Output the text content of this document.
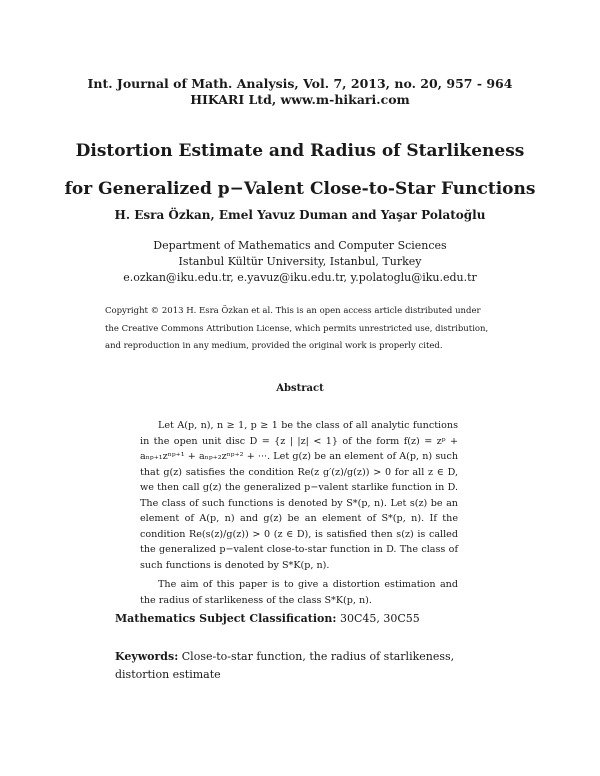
Int. Journal of Math. Analysis, Vol. 7, 2013, no. 20, 957 - 964
HIKARI Ltd, www.m-hikari.com
Distortion Estimate and Radius of Starlikeness
for Generalized p−Valent Close-to-Star Functions
H. Esra Özkan, Emel Yavuz Duman and Yaşar Polatoğlu
Department of Mathematics and Computer Sciences
Istanbul Kültür University, Istanbul, Turkey
e.ozkan@iku.edu.tr, e.yavuz@iku.edu.tr, y.polatoglu@iku.edu.tr

Copyright © 2013 H. Esra Özkan et al. This is an open access article distributed under

the Creative Commons Attribution License, which permits unrestricted use, distribution,

and reproduction in any medium, provided the original work is properly cited.

Abstract

Let A(p, n), n ≥ 1, p ≥ 1 be the class of all analytic functions in the open unit disc D = {z | |z| < 1} of the form f(z) = zᵖ + aₙₚ₊₁zⁿᵖ⁺¹ + aₙₚ₊₂zⁿᵖ⁺² + ···. Let g(z) be an element of A(p, n) such that g(z) satisfies the condition Re(z g′(z)/g(z)) > 0 for all z ∈ D, we then call g(z) the generalized p−valent starlike function in D. The class of such functions is denoted by S*(p, n). Let s(z) be an element of A(p, n) and g(z) be an element of S*(p, n). If the condition Re(s(z)/g(z)) > 0 (z ∈ D), is satisfied then s(z) is called the generalized p−valent close-to-star function in D. The class of such functions is denoted by S*K(p, n).

The aim of this paper is to give a distortion estimation and the radius of starlikeness of the class S*K(p, n).

Mathematics Subject Classification: 30C45, 30C55
Keywords: Close-to-star function, the radius of starlikeness, distortion estimate
